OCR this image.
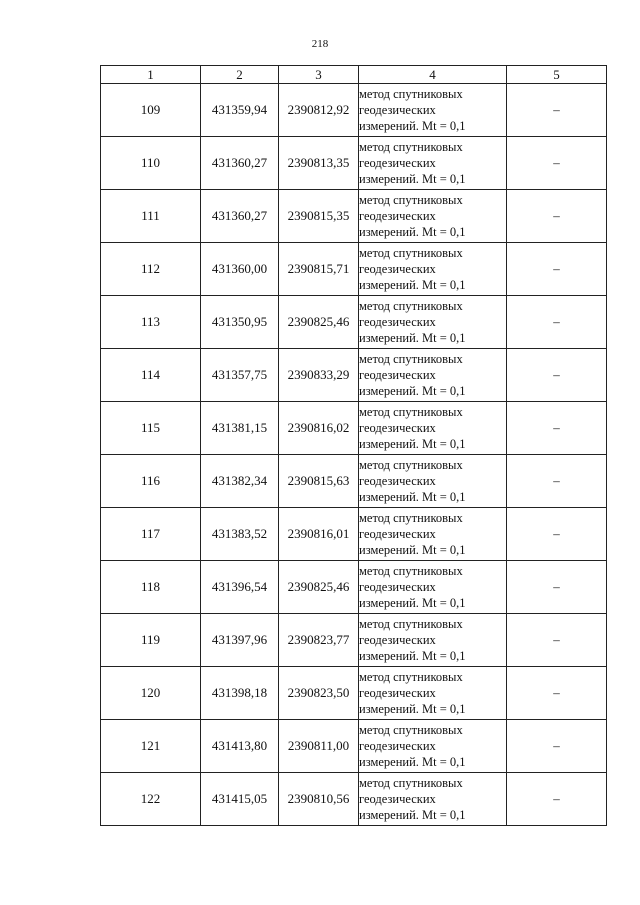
218
1	2	3	4	5
109	431359,94	2390812,92	метод спутниковых
геодезических
измерений. Mt = 0,1	–
110	431360,27	2390813,35	метод спутниковых
геодезических
измерений. Mt = 0,1	–
111	431360,27	2390815,35	метод спутниковых
геодезических
измерений. Mt = 0,1	–
112	431360,00	2390815,71	метод спутниковых
геодезических
измерений. Mt = 0,1	–
113	431350,95	2390825,46	метод спутниковых
геодезических
измерений. Mt = 0,1	–
114	431357,75	2390833,29	метод спутниковых
геодезических
измерений. Mt = 0,1	–
115	431381,15	2390816,02	метод спутниковых
геодезических
измерений. Mt = 0,1	–
116	431382,34	2390815,63	метод спутниковых
геодезических
измерений. Mt = 0,1	–
117	431383,52	2390816,01	метод спутниковых
геодезических
измерений. Mt = 0,1	–
118	431396,54	2390825,46	метод спутниковых
геодезических
измерений. Mt = 0,1	–
119	431397,96	2390823,77	метод спутниковых
геодезических
измерений. Mt = 0,1	–
120	431398,18	2390823,50	метод спутниковых
геодезических
измерений. Mt = 0,1	–
121	431413,80	2390811,00	метод спутниковых
геодезических
измерений. Mt = 0,1	–
122	431415,05	2390810,56	метод спутниковых
геодезических
измерений. Mt = 0,1	–
